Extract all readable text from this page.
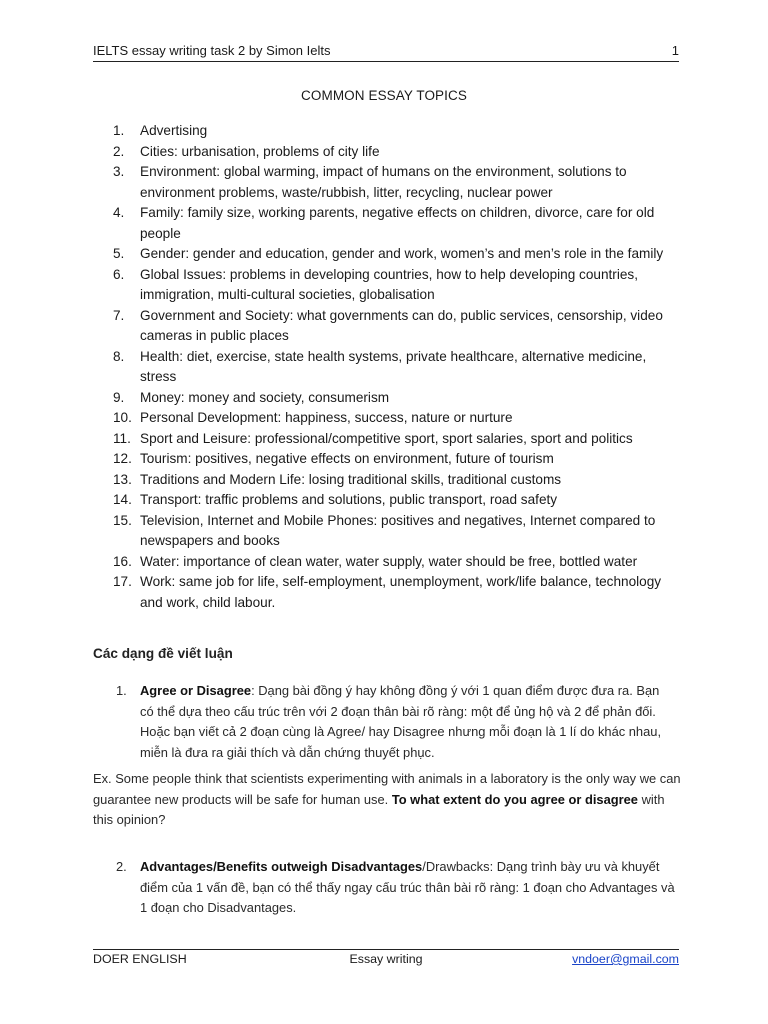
IELTS essay writing task 2 by Simon Ielts	1
COMMON ESSAY TOPICS
1.	Advertising
2.	Cities: urbanisation, problems of city life
3.	Environment: global warming, impact of humans on the environment, solutions to environment problems, waste/rubbish, litter, recycling, nuclear power
4.	Family: family size, working parents, negative effects on children, divorce, care for old people
5.	Gender: gender and education, gender and work, women’s and men’s role in the family
6.	Global Issues: problems in developing countries, how to help developing countries, immigration, multi-cultural societies, globalisation
7.	Government and Society: what governments can do, public services, censorship, video cameras in public places
8.	Health: diet, exercise, state health systems, private healthcare, alternative medicine, stress
9.	Money: money and society, consumerism
10. Personal Development: happiness, success, nature or nurture
11. Sport and Leisure: professional/competitive sport, sport salaries, sport and politics
12. Tourism: positives, negative effects on environment, future of tourism
13. Traditions and Modern Life: losing traditional skills, traditional customs
14. Transport: traffic problems and solutions, public transport, road safety
15. Television, Internet and Mobile Phones: positives and negatives, Internet compared to newspapers and books
16. Water: importance of clean water, water supply, water should be free, bottled water
17. Work: same job for life, self-employment, unemployment, work/life balance, technology and work, child labour.
Các dạng đề viết luận
1.	Agree or Disagree: Dạng bài đồng ý hay không đồng ý với 1 quan điểm được đưa ra. Bạn có thể dựa theo cấu trúc trên với 2 đoạn thân bài rõ ràng: một để ủng hộ và 2 để phản đối. Hoặc bạn viết cả 2 đoạn cùng là Agree/ hay Disagree nhưng mỗi đoạn là 1 lí do khác nhau, miễn là đưa ra giải thích và dẫn chứng thuyết phục.
Ex. Some people think that scientists experimenting with animals in a laboratory is the only way we can guarantee new products will be safe for human use. To what extent do you agree or disagree with this opinion?
2.	Advantages/Benefits outweigh Disadvantages/Drawbacks: Dạng trình bày ưu và khuyết điểm của 1 vấn đề, bạn có thể thấy ngay cấu trúc thân bài rõ ràng: 1 đoạn cho Advantages và 1 đoạn cho Disadvantages.
DOER ENGLISH	Essay writing	vndoer@gmail.com
